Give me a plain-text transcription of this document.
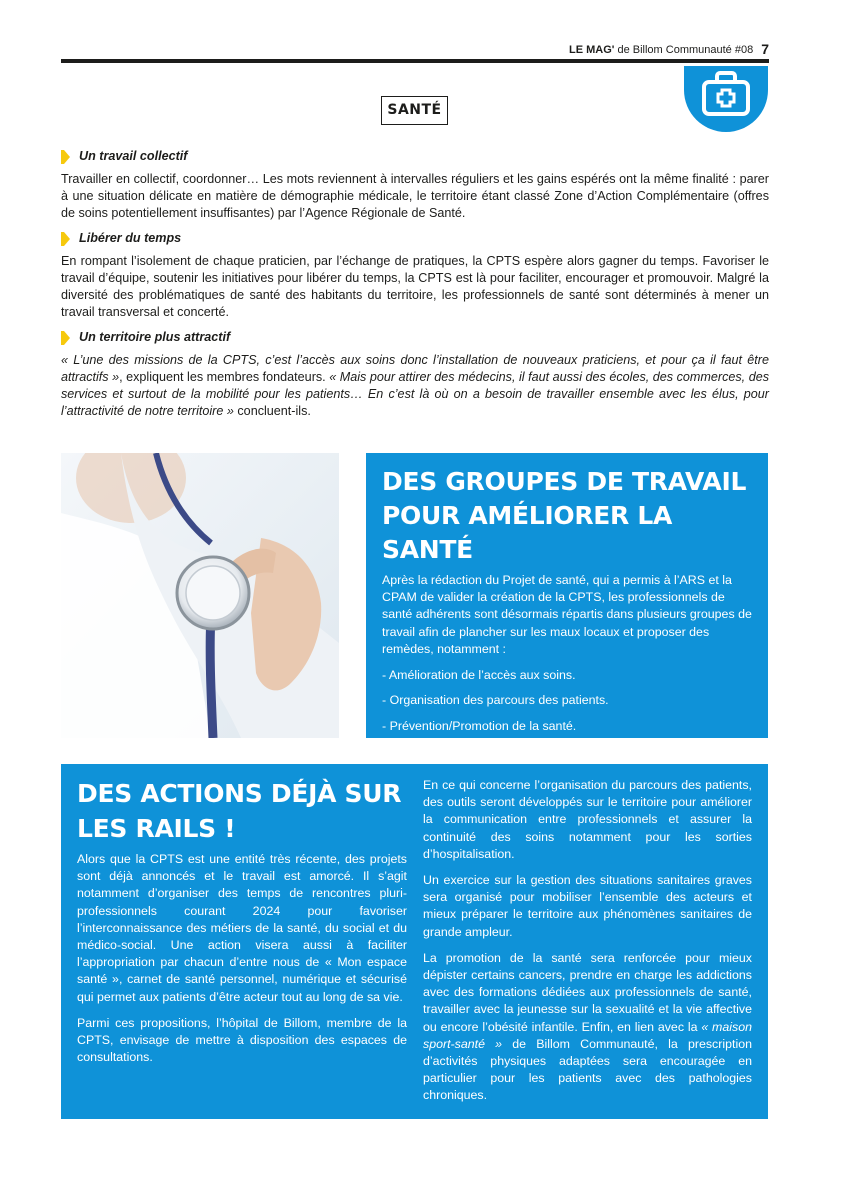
LE MAG' de Billom Communauté #08 7
SANTÉ
Un travail collectif

Travailler en collectif, coordonner… Les mots reviennent à intervalles réguliers et les gains espérés ont la même finalité : parer à une situation délicate en matière de démographie médicale, le territoire étant classé Zone d’Action Complémentaire (offres de soins potentiellement insuffisantes) par l’Agence Régionale de Santé.

Libérer du temps

En rompant l’isolement de chaque praticien, par l’échange de pratiques, la CPTS espère alors gagner du temps. Favoriser le travail d’équipe, soutenir les initiatives pour libérer du temps, la CPTS est là pour faciliter, encourager et promouvoir. Malgré la diversité des problématiques de santé des habitants du territoire, les professionnels de santé sont déterminés à mener un travail transversal et concerté.

Un territoire plus attractif

« L’une des missions de la CPTS, c’est l’accès aux soins donc l’installation de nouveaux praticiens, et pour ça il faut être attractifs », expliquent les membres fondateurs. « Mais pour attirer des médecins, il faut aussi des écoles, des commerces, des services et surtout de la mobilité pour les patients… En c’est là où on a besoin de travailler ensemble avec les élus, pour l’attractivité de notre territoire » concluent-ils.

DES GROUPES DE TRAVAIL
POUR AMÉLIORER LA SANTÉ

Après la rédaction du Projet de santé, qui a permis à l’ARS et la CPAM de valider la création de la CPTS, les professionnels de santé adhérents sont désormais répartis dans plusieurs groupes de travail afin de plancher sur les maux locaux et proposer des remèdes, notamment :

- Amélioration de l’accès aux soins.
- Organisation des parcours des patients.
- Prévention/Promotion de la santé.
- Attractivité du territoire.
DES ACTIONS DÉJÀ SUR
LES RAILS !

Alors que la CPTS est une entité très récente, des projets sont déjà annoncés et le travail est amorcé. Il s’agit notamment d’organiser des temps de rencontres pluri-professionnels courant 2024 pour favoriser l’interconnaissance des métiers de la santé, du social et du médico-social. Une action visera aussi à faciliter l’appropriation par chacun d’entre nous de « Mon espace santé », carnet de santé personnel, numérique et sécurisé qui permet aux patients d’être acteur tout au long de sa vie.

Parmi ces propositions, l’hôpital de Billom, membre de la CPTS, envisage de mettre à disposition des espaces de consultations.

En ce qui concerne l’organisation du parcours des patients, des outils seront développés sur le territoire pour améliorer la communication entre professionnels et assurer la continuité des soins notamment pour les sorties d’hospitalisation.

Un exercice sur la gestion des situations sanitaires graves sera organisé pour mobiliser l’ensemble des acteurs et mieux préparer le territoire aux phénomènes sanitaires de grande ampleur.

La promotion de la santé sera renforcée pour mieux dépister certains cancers, prendre en charge les addictions avec des formations dédiées aux professionnels de santé, travailler avec la jeunesse sur la sexualité et la vie affective ou encore l’obésité infantile. Enfin, en lien avec la « maison sport-santé » de Billom Communauté, la prescription d’activités physiques adaptées sera encouragée en particulier pour les patients avec des pathologies chroniques.
